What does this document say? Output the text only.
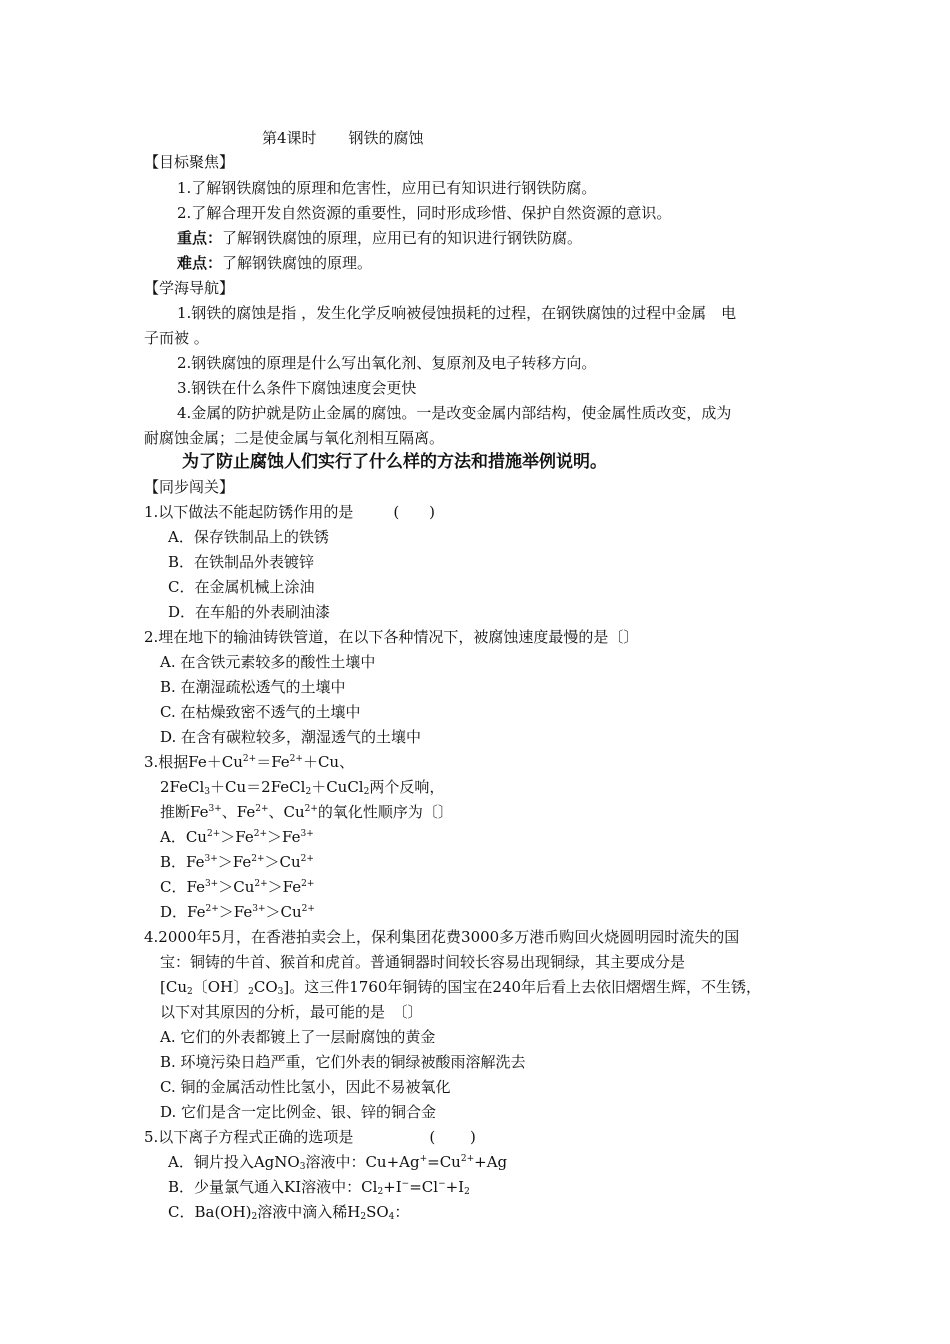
第4课时 钢铁的腐蚀
【目标聚焦】
1.了解钢铁腐蚀的原理和危害性，应用已有知识进行钢铁防腐。
2.了解合理开发自然资源的重要性，同时形成珍惜、保护自然资源的意识。
重点：了解钢铁腐蚀的原理，应用已有的知识进行钢铁防腐。
难点：了解钢铁腐蚀的原理。
【学海导航】
1.钢铁的腐蚀是指 ，发生化学反响被侵蚀损耗的过程，在钢铁腐蚀的过程中金属　电
子而被 。
2.钢铁腐蚀的原理是什么写出氧化剂、复原剂及电子转移方向。
3.钢铁在什么条件下腐蚀速度会更快
4.金属的防护就是防止金属的腐蚀。一是改变金属内部结构，使金属性质改变，成为
耐腐蚀金属；二是使金属与氧化剂相互隔离。
为了防止腐蚀人们实行了什么样的方法和措施举例说明。
【同步闯关】
1.以下做法不能起防锈作用的是	(　　)
A．保存铁制品上的铁锈
B．在铁制品外表镀锌
C．在金属机械上涂油
D．在车船的外表刷油漆
2.埋在地下的输油铸铁管道，在以下各种情况下，被腐蚀速度最慢的是〔〕
A. 在含铁元素较多的酸性土壤中
B. 在潮湿疏松透气的土壤中
C. 在枯燥致密不透气的土壤中
D. 在含有碳粒较多，潮湿透气的土壤中
3.根据$Fe+Cu^{2+}=Fe^{2+}+Cu$、
2FeCl$_3$＋Cu＝2FeCl$_2$＋CuCl$_2$两个反响，
推断$Fe^{3+}$、$Fe^{2+}$、$Cu^{2+}$的氧化性顺序为〔〕
A．$Cu^{2+}>Fe^{2+}>Fe^{3+}$
B．$Fe^{3+}>Fe^{2+}>Cu^{2+}$
C．$Fe^{3+}>Cu^{2+}>Fe^{2+}$
D．$Fe^{2+}>Fe^{3+}>Cu^{2+}$
4.2000年5月，在香港拍卖会上，保利集团花费3000多万港币购回火烧圆明园时流失的国
宝：铜铸的牛首、猴首和虎首。普通铜器时间较长容易出现铜绿，其主要成分是
[$Cu_2$〔OH〕$_2CO_3$]。这三件1760年铜铸的国宝在240年后看上去依旧熠熠生辉，不生锈，
以下对其原因的分析，最可能的是　〔〕
A. 它们的外表都镀上了一层耐腐蚀的黄金
B. 环境污染日趋严重，它们外表的铜绿被酸雨溶解洗去
C. 铜的金属活动性比氢小，因此不易被氧化
D. 它们是含一定比例金、银、锌的铜合金
5.以下离子方程式正确的选项是	(　　 )
A．铜片投入AgNO$_3$溶液中：$Cu+Ag^+=Cu^{2+}+Ag$
B．少量氯气通入KI溶液中：$Cl_2+I^-=Cl^-+I_2$
C．$Ba(OH)_2$溶液中滴入稀$H_2SO_4$：
